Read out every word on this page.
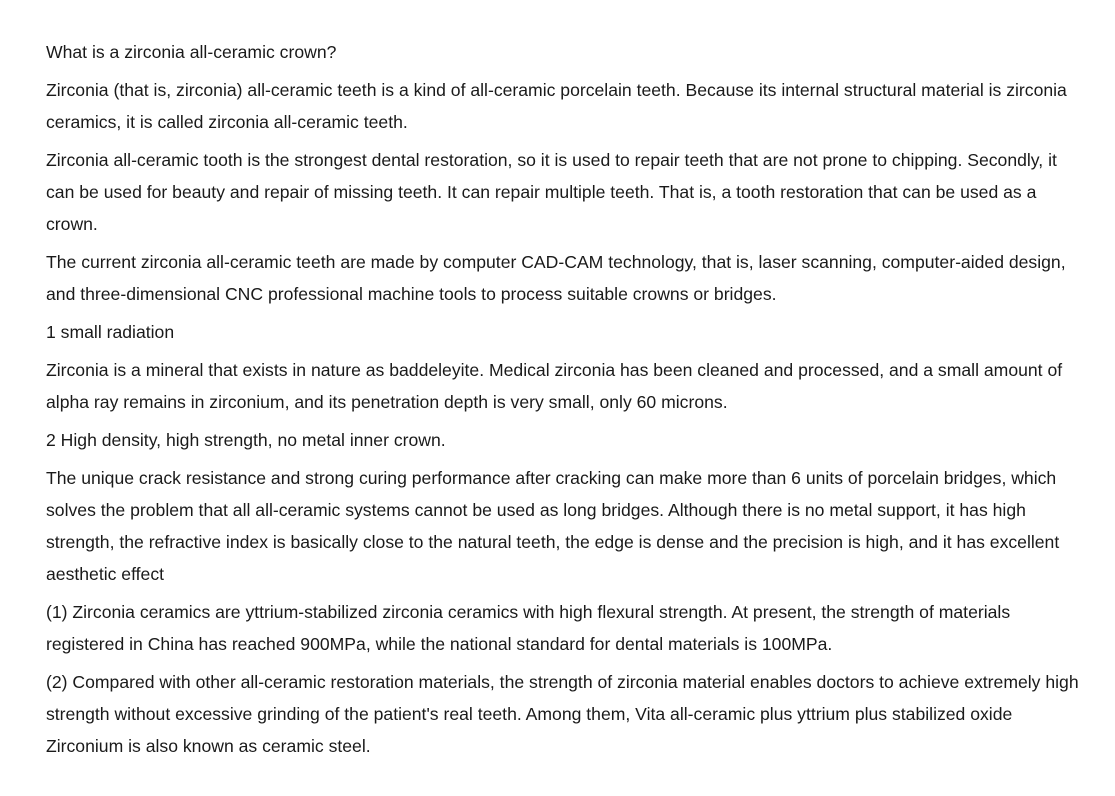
What is a zirconia all-ceramic crown?

Zirconia (that is, zirconia) all-ceramic teeth is a kind of all-ceramic porcelain teeth. Because its internal structural material is zirconia ceramics, it is called zirconia all-ceramic teeth.

Zirconia all-ceramic tooth is the strongest dental restoration, so it is used to repair teeth that are not prone to chipping. Secondly, it can be used for beauty and repair of missing teeth. It can repair multiple teeth. That is, a tooth restoration that can be used as a crown.

The current zirconia all-ceramic teeth are made by computer CAD-CAM technology, that is, laser scanning, computer-aided design, and three-dimensional CNC professional machine tools to process suitable crowns or bridges.

1 small radiation

Zirconia is a mineral that exists in nature as baddeleyite. Medical zirconia has been cleaned and processed, and a small amount of alpha ray remains in zirconium, and its penetration depth is very small, only 60 microns.

2 High density, high strength, no metal inner crown.

The unique crack resistance and strong curing performance after cracking can make more than 6 units of porcelain bridges, which solves the problem that all all-ceramic systems cannot be used as long bridges. Although there is no metal support, it has high strength, the refractive index is basically close to the natural teeth, the edge is dense and the precision is high, and it has excellent aesthetic effect

(1) Zirconia ceramics are yttrium-stabilized zirconia ceramics with high flexural strength. At present, the strength of materials registered in China has reached 900MPa, while the national standard for dental materials is 100MPa.

(2) Compared with other all-ceramic restoration materials, the strength of zirconia material enables doctors to achieve extremely high strength without excessive grinding of the patient's real teeth. Among them, Vita all-ceramic plus yttrium plus stabilized oxide Zirconium is also known as ceramic steel.
